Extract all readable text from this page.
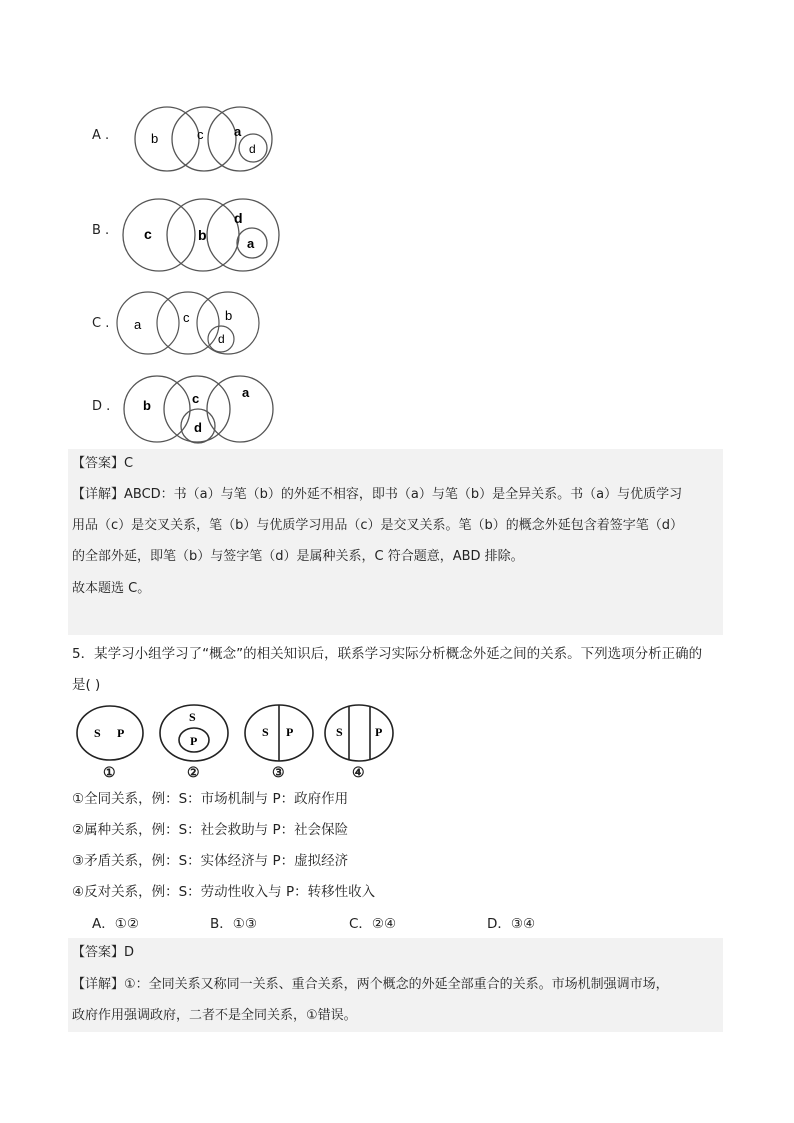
A .	b	c a
d
B . c	b
d
a
C . a	c	b
d
D .	b	c	a
d
【答案】C
【详解】ABCD：书（a）与笔（b）的外延不相容，即书（a）与笔（b）是全异关系。书（a）与优质学习
用品（c）是交叉关系，笔（b）与优质学习用品（c）是交叉关系。笔（b）的概念外延包含着签字笔（d）
的全部外延，即笔（b）与签字笔（d）是属种关系，C 符合题意，ABD 排除。
故本题选 C。
5．某学习小组学习了“概念”的相关知识后，联系学习实际分析概念外延之间的关系。下列选项分析正确的
是( )
S P
S
P
S P	S	P
①	②	③	④
①全同关系，例：S：市场机制与 P：政府作用
②属种关系，例：S：社会救助与 P：社会保险
③矛盾关系，例：S：实体经济与 P：虚拟经济
④反对关系，例：S：劳动性收入与 P：转移性收入
A．①②	B．①③	C．②④	D．③④
【答案】D
【详解】①：全同关系又称同一关系、重合关系，两个概念的外延全部重合的关系。市场机制强调市场，
政府作用强调政府，二者不是全同关系，①错误。
